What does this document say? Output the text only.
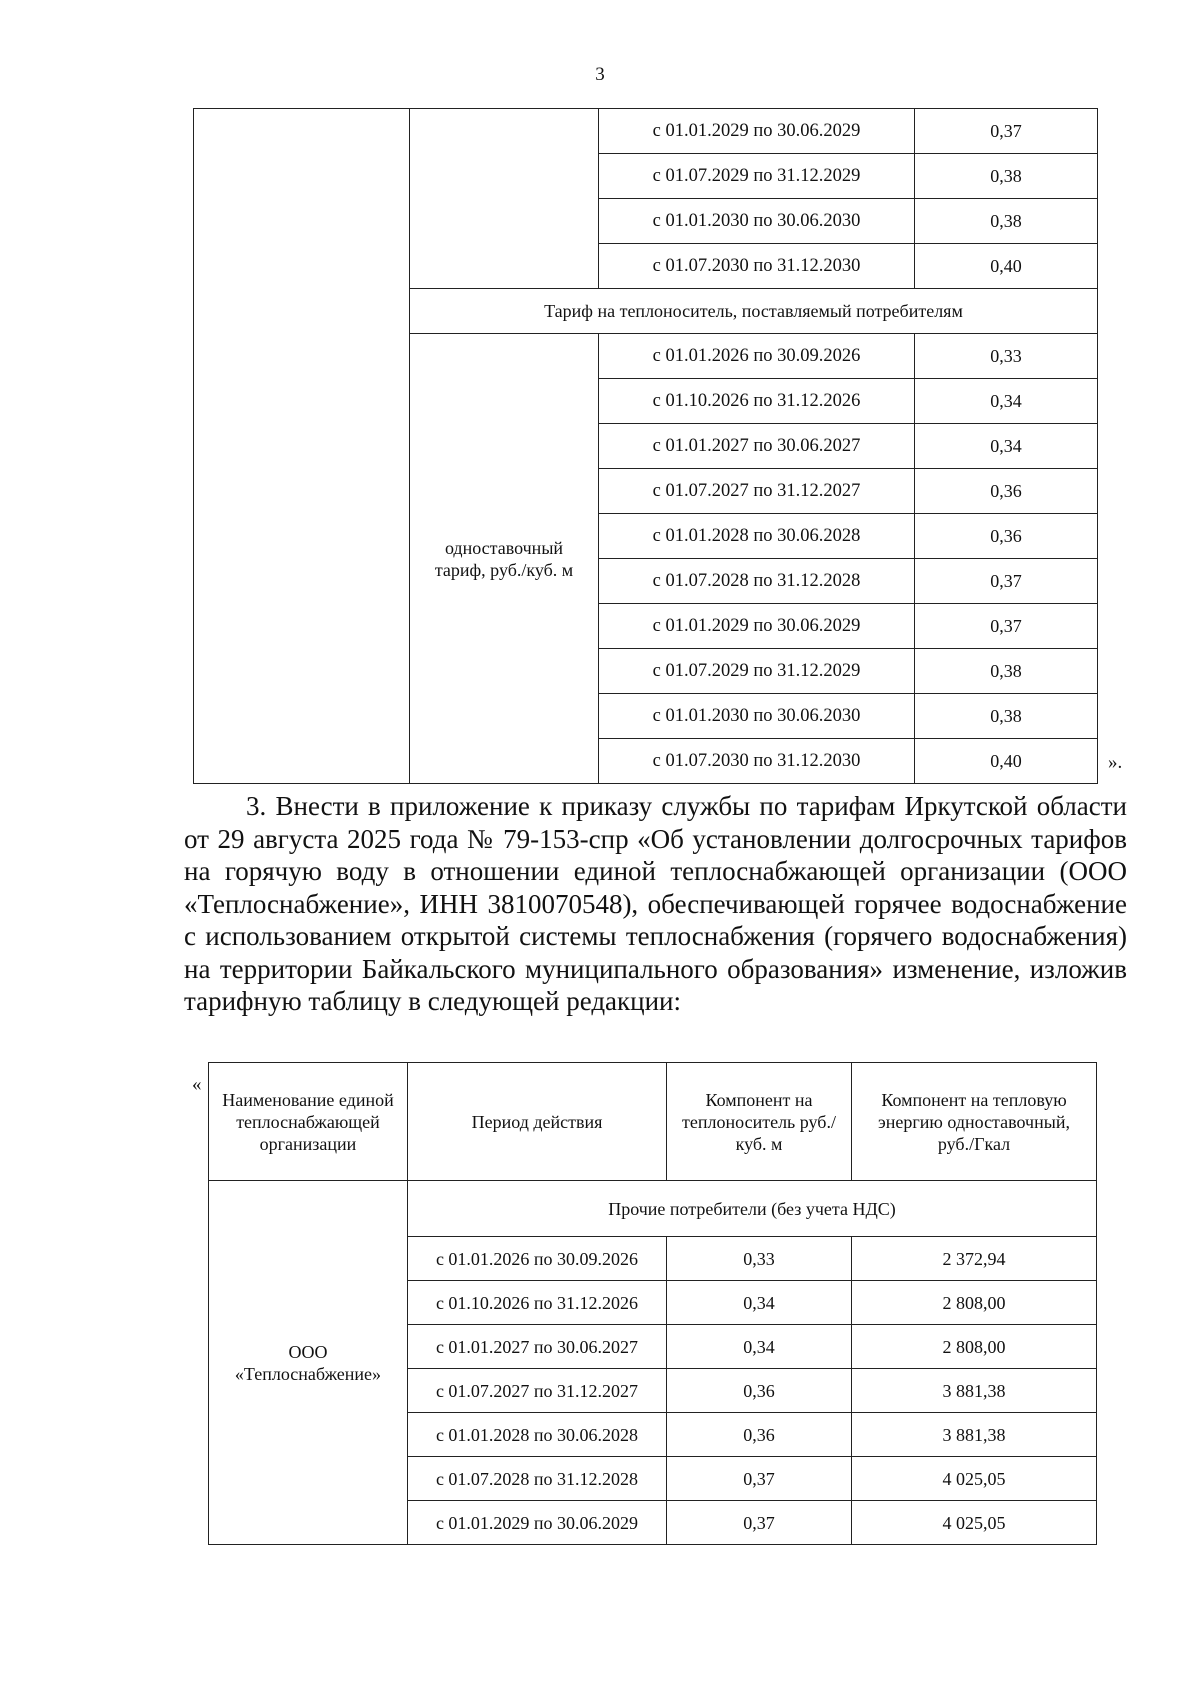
3
		с 01.01.2029 по 30.06.2029	0,37
		с 01.07.2029 по 31.12.2029	0,38
		с 01.01.2030 по 30.06.2030	0,38
		с 01.07.2030 по 31.12.2030	0,40
	Тариф на теплоноситель, поставляемый потребителям		

	одноставочный тариф, руб./куб. м	с 01.01.2026 по 30.09.2026	0,33
		с 01.10.2026 по 31.12.2026	0,34
		с 01.01.2027 по 30.06.2027	0,34
		с 01.07.2027 по 31.12.2027	0,36
		с 01.01.2028 по 30.06.2028	0,36
		с 01.07.2028 по 31.12.2028	0,37
		с 01.01.2029 по 30.06.2029	0,37
		с 01.07.2029 по 31.12.2029	0,38
		с 01.01.2030 по 30.06.2030	0,38
		с 01.07.2030 по 31.12.2030	0,40	».

3. Внести в приложение к приказу службы по тарифам Иркутской области от 29 августа 2025 года № 79-153-спр «Об установлении долгосрочных тарифов на горячую воду в отношении единой теплоснабжающей организации (ООО «Теплоснабжение», ИНН 3810070548), обеспечивающей горячее водоснабжение с использованием открытой системы теплоснабжения (горячего водоснабжения) на территории Байкальского муниципального образования» изменение, изложив тарифную таблицу в следующей редакции:

«
Наименование единой теплоснабжающей организации	Период действия	Компонент на теплоноситель руб./куб. м	Компонент на тепловую энергию одноставочный, руб./Гкал

ООО «Теплоснабжение»	Прочие потребители (без учета НДС)		
	с 01.01.2026 по 30.09.2026	0,33	2 372,94
	с 01.10.2026 по 31.12.2026	0,34	2 808,00
	с 01.01.2027 по 30.06.2027	0,34	2 808,00
	с 01.07.2027 по 31.12.2027	0,36	3 881,38
	с 01.01.2028 по 30.06.2028	0,36	3 881,38
	с 01.07.2028 по 31.12.2028	0,37	4 025,05
	с 01.01.2029 по 30.06.2029	0,37	4 025,05
